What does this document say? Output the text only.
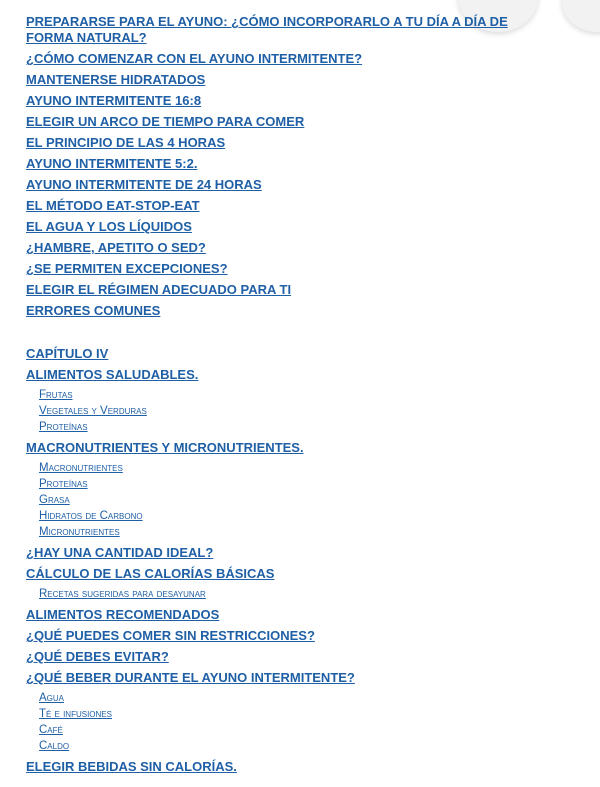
PREPARARSE PARA EL AYUNO: ¿CÓMO INCORPORARLO A TU DÍA A DÍA DE FORMA NATURAL?
¿CÓMO COMENZAR CON EL AYUNO INTERMITENTE?
MANTENERSE HIDRATADOS
AYUNO INTERMITENTE 16:8
ELEGIR UN ARCO DE TIEMPO PARA COMER
EL PRINCIPIO DE LAS 4 HORAS
AYUNO INTERMITENTE 5:2.
AYUNO INTERMITENTE DE 24 HORAS
EL MÉTODO EAT-STOP-EAT
EL AGUA Y LOS LÍQUIDOS
¿HAMBRE, APETITO O SED?
¿SE PERMITEN EXCEPCIONES?
ELEGIR EL RÉGIMEN ADECUADO PARA TI
ERRORES COMUNES
CAPÍTULO IV
ALIMENTOS SALUDABLES.
Frutas
Vegetales y Verduras
Proteínas
MACRONUTRIENTES Y MICRONUTRIENTES.
Macronutrientes
Proteínas
Grasa
Hidratos de Carbono
Micronutrientes
¿HAY UNA CANTIDAD IDEAL?
CÁLCULO DE LAS CALORÍAS BÁSICAS
Recetas sugeridas para desayunar
ALIMENTOS RECOMENDADOS
¿QUÉ PUEDES COMER SIN RESTRICCIONES?
¿QUÉ DEBES EVITAR?
¿QUÉ BEBER DURANTE EL AYUNO INTERMITENTE?
Agua
Té e infusiones
Café
Caldo
ELEGIR BEBIDAS SIN CALORÍAS.
